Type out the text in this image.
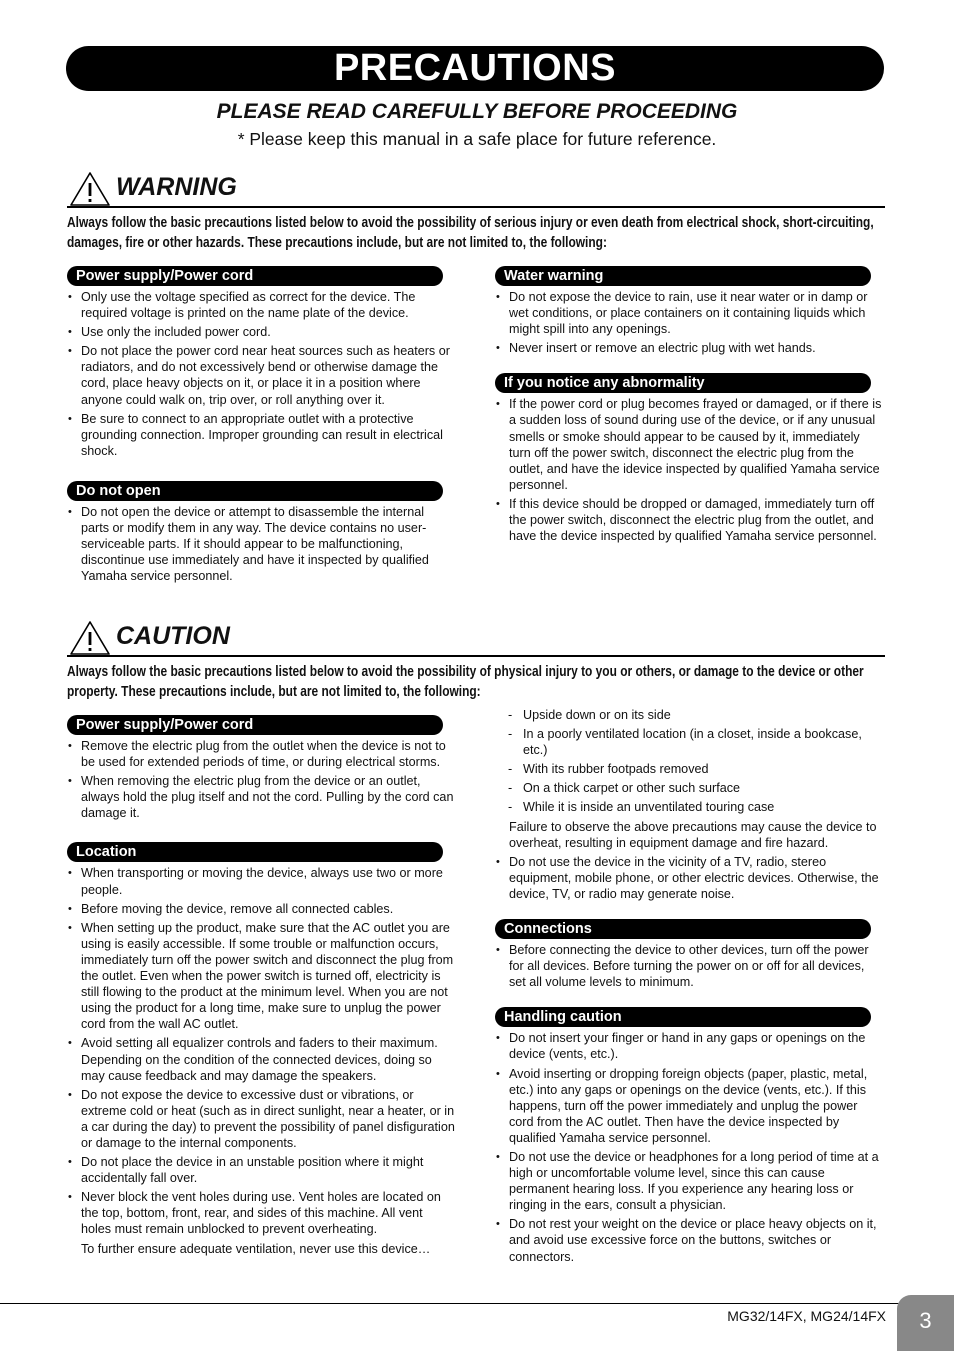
PRECAUTIONS
PLEASE READ CAREFULLY BEFORE PROCEEDING
* Please keep this manual in a safe place for future reference.
WARNING
Always follow the basic precautions listed below to avoid the possibility of serious injury or even death from electrical shock, short-circuiting, damages, fire or other hazards. These precautions include, but are not limited to, the following:
Power supply/Power cord
• Only use the voltage specified as correct for the device. The required voltage is printed on the name plate of the device.
• Use only the included power cord.
• Do not place the power cord near heat sources such as heaters or radiators, and do not excessively bend or otherwise damage the cord, place heavy objects on it, or place it in a position where anyone could walk on, trip over, or roll anything over it.
• Be sure to connect to an appropriate outlet with a protective grounding connection. Improper grounding can result in electrical shock.
Do not open
• Do not open the device or attempt to disassemble the internal parts or modify them in any way. The device contains no user-serviceable parts. If it should appear to be malfunctioning, discontinue use immediately and have it inspected by qualified Yamaha service personnel.
Water warning
• Do not expose the device to rain, use it near water or in damp or wet conditions, or place containers on it containing liquids which might spill into any openings.
• Never insert or remove an electric plug with wet hands.
If you notice any abnormality
• If the power cord or plug becomes frayed or damaged, or if there is a sudden loss of sound during use of the device, or if any unusual smells or smoke should appear to be caused by it, immediately turn off the power switch, disconnect the electric plug from the outlet, and have the idevice inspected by qualified Yamaha service personnel.
• If this device should be dropped or damaged, immediately turn off the power switch, disconnect the electric plug from the outlet, and have the device inspected by qualified Yamaha service personnel.
CAUTION
Always follow the basic precautions listed below to avoid the possibility of physical injury to you or others, or damage to the device or other property. These precautions include, but are not limited to, the following:
Power supply/Power cord
• Remove the electric plug from the outlet when the device is not to be used for extended periods of time, or during electrical storms.
• When removing the electric plug from the device or an outlet, always hold the plug itself and not the cord. Pulling by the cord can damage it.
Location
• When transporting or moving the device, always use two or more people.
• Before moving the device, remove all connected cables.
• When setting up the product, make sure that the AC outlet you are using is easily accessible. If some trouble or malfunction occurs, immediately turn off the power switch and disconnect the plug from the outlet. Even when the power switch is turned off, electricity is still flowing to the product at the minimum level. When you are not using the product for a long time, make sure to unplug the power cord from the wall AC outlet.
• Avoid setting all equalizer controls and faders to their maximum. Depending on the condition of the connected devices, doing so may cause feedback and may damage the speakers.
• Do not expose the device to excessive dust or vibrations, or extreme cold or heat (such as in direct sunlight, near a heater, or in a car during the day) to prevent the possibility of panel disfiguration or damage to the internal components.
• Do not place the device in an unstable position where it might accidentally fall over.
• Never block the vent holes during use. Vent holes are located on the top, bottom, front, rear, and sides of this machine. All vent holes must remain unblocked to prevent overheating.
To further ensure adequate ventilation, never use this device…
- Upside down or on its side
- In a poorly ventilated location (in a closet, inside a bookcase, etc.)
- With its rubber footpads removed
- On a thick carpet or other such surface
- While it is inside an unventilated touring case
Failure to observe the above precautions may cause the device to overheat, resulting in equipment damage and fire hazard.
• Do not use the device in the vicinity of a TV, radio, stereo equipment, mobile phone, or other electric devices. Otherwise, the device, TV, or radio may generate noise.
Connections
• Before connecting the device to other devices, turn off the power for all devices. Before turning the power on or off for all devices, set all volume levels to minimum.
Handling caution
• Do not insert your finger or hand in any gaps or openings on the device (vents, etc.).
• Avoid inserting or dropping foreign objects (paper, plastic, metal, etc.) into any gaps or openings on the device (vents, etc.). If this happens, turn off the power immediately and unplug the power cord from the AC outlet. Then have the device inspected by qualified Yamaha service personnel.
• Do not use the device or headphones for a long period of time at a high or uncomfortable volume level, since this can cause permanent hearing loss. If you experience any hearing loss or ringing in the ears, consult a physician.
• Do not rest your weight on the device or place heavy objects on it, and avoid use excessive force on the buttons, switches or connectors.
MG32/14FX, MG24/14FX	3
